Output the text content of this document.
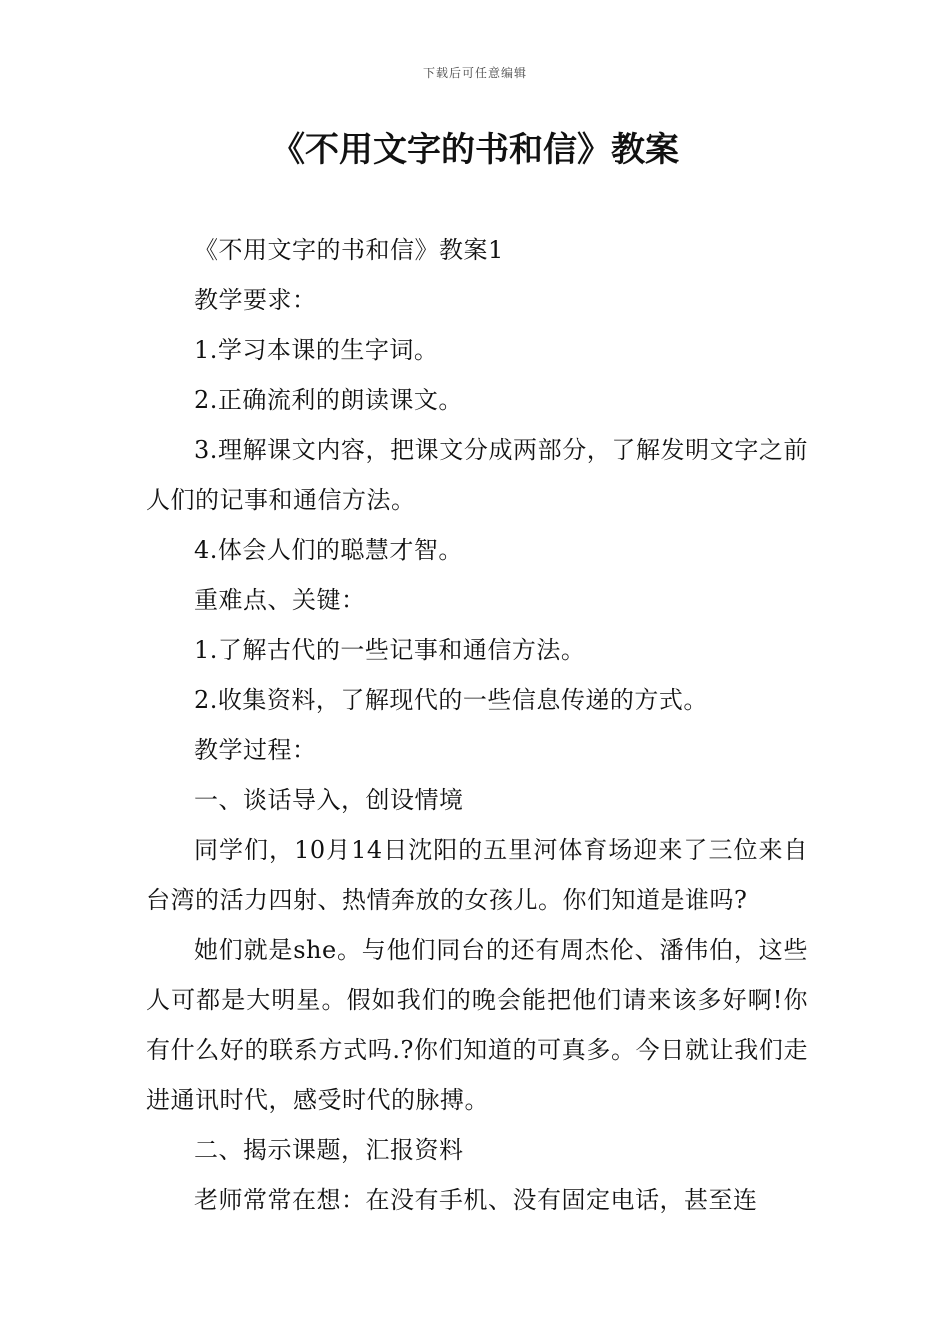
下载后可任意编辑
《不用文字的书和信》教案

《不用文字的书和信》教案1

教学要求：

1.学习本课的生字词。

2.正确流利的朗读课文。

3.理解课文内容，把课文分成两部分，了解发明文字之前人们的记事和通信方法。

4.体会人们的聪慧才智。

重难点、关键：

1.了解古代的一些记事和通信方法。

2.收集资料，了解现代的一些信息传递的方式。

教学过程：

一、谈话导入，创设情境

同学们，10月14日沈阳的五里河体育场迎来了三位来自台湾的活力四射、热情奔放的女孩儿。你们知道是谁吗?

她们就是she。与他们同台的还有周杰伦、潘伟伯，这些人可都是大明星。假如我们的晚会能把他们请来该多好啊!你有什么好的联系方式吗.?你们知道的可真多。今日就让我们走进通讯时代，感受时代的脉搏。

二、揭示课题，汇报资料

老师常常在想：在没有手机、没有固定电话，甚至连
